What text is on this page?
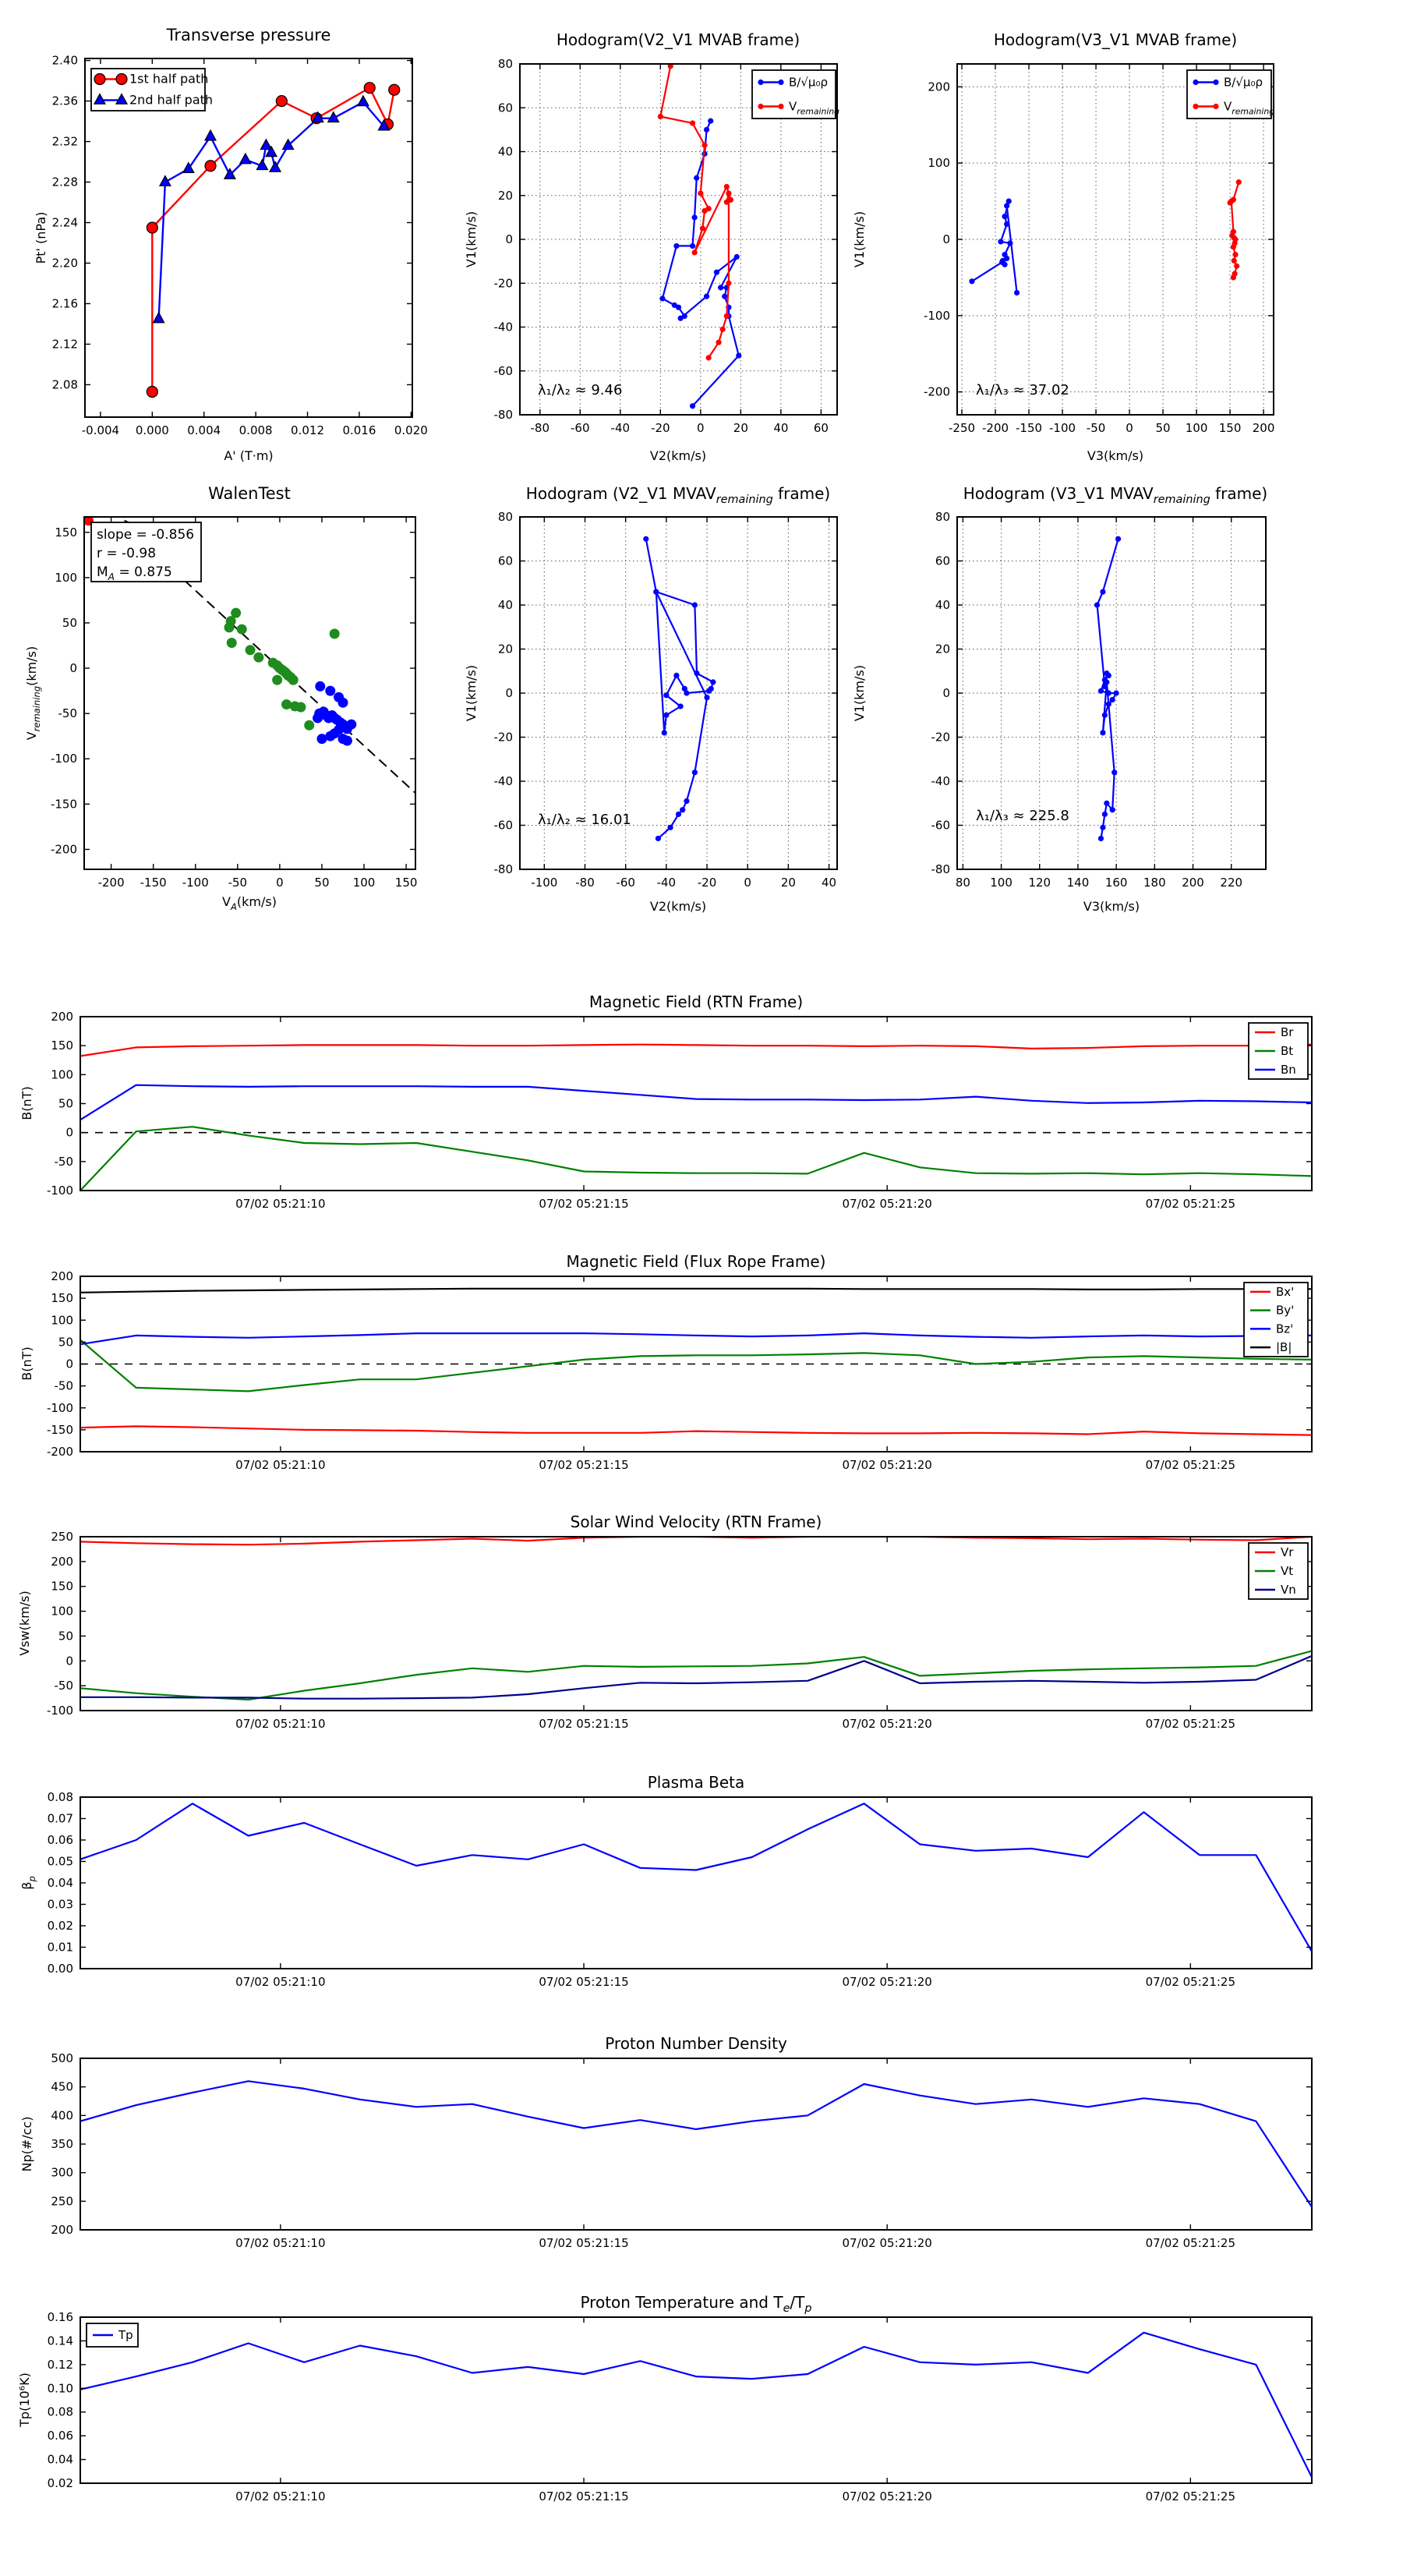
-0.004 0.000 0.004 0.008 0.012 0.016 0.020
2.08
2.12
2.16
2.20
2.24
2.28
2.32
2.36
2.40
Transverse pressure
A' (T·m)
Pt' (nPa)
1st half path
2nd half path
-80 -60 -40 -20 0 20 40 60
-80
-60
-40
-20
0
20
40
60
80
Hodogram(V2_V1 MVAB frame)
V2(km/s)
V1(km/s)
λ₁/λ₂ ≈ 9.46
B/√μ₀ρ
$V_{remaining}$
-250 -200 -150 -100 -50 0 50 100 150 200
-200
-100
0
100
200
Hodogram(V3_V1 MVAB frame)
V3(km/s)
V1(km/s)
λ₁/λ₃ ≈ 37.02
B/√μ₀ρ
$V_{remaining}$
-200 -150 -100 -50 0	50 100 150
-200
-150
-100
-50
0
50
100
150
WalenTest
$V_A(km/s)$
$V_{remaining}(km/s)$
slope = -0.856
r = -0.98
$M_A = 0.875$
-100 -80 -60 -40 -20 0	20 40
-80
-60
-40
-20
0
20
40
60
80
Hodogram (V2_V1 $MVAV_{remaining}$ frame)
V2(km/s)
V1(km/s)
λ₁/λ₂ ≈ 16.01
80 100 120 140 160 180 200 220
-80
-60
-40
-20
0
20
40
60
80
Hodogram (V3_V1 $MVAV_{remaining}$ frame)
V3(km/s)
V1(km/s)
λ₁/λ₃ ≈ 225.8
07/02 05:21:10	07/02 05:21:15	07/02 05:21:20	07/02 05:21:25
-100
-50
0
50
100
150
200
Magnetic Field (RTN Frame)
B(nT)
Br
Bt
Bn
07/02 05:21:10	07/02 05:21:15	07/02 05:21:20	07/02 05:21:25
-200
-150
-100
-50
0
50
100
150
200
Magnetic Field (Flux Rope Frame)
B(nT)
Bx'
By'
Bz'
|B|
07/02 05:21:10	07/02 05:21:15	07/02 05:21:20	07/02 05:21:25
-100
-50
0
50
100
150
200
250
Solar Wind Velocity (RTN Frame)
Vsw(km/s)
Vr
Vt
Vn
07/02 05:21:10	07/02 05:21:15	07/02 05:21:20	07/02 05:21:25
0.00
0.01
0.02
0.03
0.04
0.05
0.06
0.07
0.08
Plasma Beta
$\beta_p$
07/02 05:21:10	07/02 05:21:15	07/02 05:21:20	07/02 05:21:25
200
250
300
350
400
450
500
Proton Number Density
Np(#/cc)
07/02 05:21:10	07/02 05:21:15	07/02 05:21:20	07/02 05:21:25
0.02
0.04
0.06
0.08
0.10
0.12
0.14
0.16
Proton Temperature and $T_e/T_p$
Tp(10⁶K)
Tp
